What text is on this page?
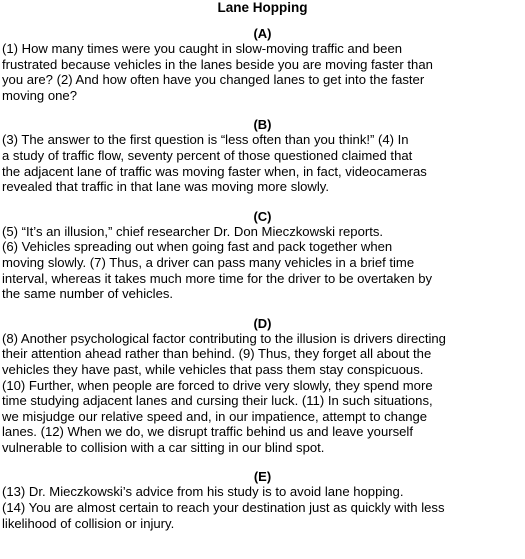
Lane Hopping
(A)
(1) How many times were you caught in slow-moving traffic and been
frustrated because vehicles in the lanes beside you are moving faster than
you are? (2) And how often have you changed lanes to get into the faster
moving one?
(B)
(3) The answer to the first question is “less often than you think!” (4) In
a study of traffic flow, seventy percent of those questioned claimed that
the adjacent lane of traffic was moving faster when, in fact, videocameras
revealed that traffic in that lane was moving more slowly.
(C)
(5) “It’s an illusion,” chief researcher Dr. Don Mieczkowski reports.
(6) Vehicles spreading out when going fast and pack together when
moving slowly. (7) Thus, a driver can pass many vehicles in a brief time
interval, whereas it takes much more time for the driver to be overtaken by
the same number of vehicles.
(D)
(8) Another psychological factor contributing to the illusion is drivers directing
their attention ahead rather than behind. (9) Thus, they forget all about the
vehicles they have past, while vehicles that pass them stay conspicuous.
(10) Further, when people are forced to drive very slowly, they spend more
time studying adjacent lanes and cursing their luck. (11) In such situations,
we misjudge our relative speed and, in our impatience, attempt to change
lanes. (12) When we do, we disrupt traffic behind us and leave yourself
vulnerable to collision with a car sitting in our blind spot.
(E)
(13) Dr. Mieczkowski’s advice from his study is to avoid lane hopping.
(14) You are almost certain to reach your destination just as quickly with less
likelihood of collision or injury.
